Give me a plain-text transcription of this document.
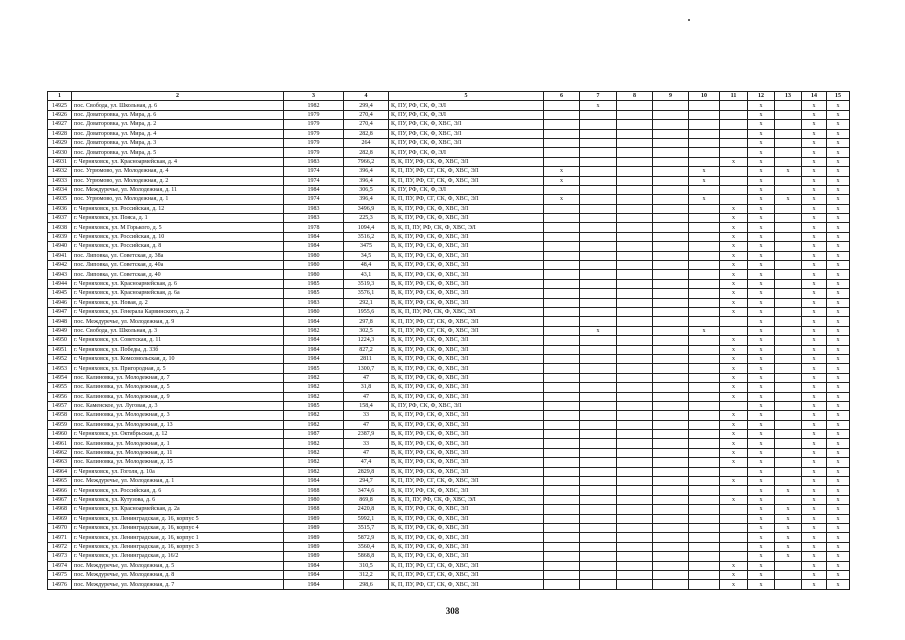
1	2	3	4	5	6	7	8	9	10	11	12	13	14	15
14925	пос. Свобода, ул. Школьная, д. 6	1982	299,4	К, ПУ, РФ, СК, Ф, ЭЛ		x					x		x	x
14926	пос. Доваторовка, ул. Мира, д. 6	1979	270,4	К, ПУ, РФ, СК, Ф, ЭЛ							x		x	x
14927	пос. Доваторовка, ул. Мира, д. 2	1979	270,4	К, ПУ, РФ, СК, Ф, ХВС, ЭЛ							x		x	x
14928	пос. Доваторовка, ул. Мира, д. 4	1979	282,8	К, ПУ, РФ, СК, Ф, ХВС, ЭЛ							x		x	x
14929	пос. Доваторовка, ул. Мира, д. 3	1979	264	К, ПУ, РФ, СК, Ф, ХВС, ЭЛ							x		x	x
14930	пос. Доваторовка, ул. Мира, д. 5	1979	282,8	К, ПУ, РФ, СК, Ф, ЭЛ							x		x	x
14931	г. Черняховск, ул. Красноармейская, д. 4	1983	7966,2	В, К, ПУ, РФ, СК, Ф, ХВС, ЭЛ						x	x		x	x
14932	пос. Угрюмово, ул. Молодежная, д. 4	1974	396,4	К, П, ПУ, РФ, СГ, СК, Ф, ХВС, ЭЛ	x				x		x	x	x	x
14933	пос. Угрюмово, ул. Молодежная, д. 2	1974	396,4	К, П, ПУ, РФ, СГ, СК, Ф, ХВС, ЭЛ	x				x		x		x	x
14934	пос. Междуречье, ул. Молодежная, д. 11	1984	306,5	К, ПУ, РФ, СК, Ф, ЭЛ							x		x	x
14935	пос. Угрюмово, ул. Молодежная, д. 1	1974	396,4	К, П, ПУ, РФ, СГ, СК, Ф, ХВС, ЭЛ	x				x		x	x	x	x
14936	г. Черняховск, ул. Российская, д. 12	1983	3496,9	В, К, ПУ, РФ, СК, Ф, ХВС, ЭЛ						x	x		x	x
14937	г. Черняховск, ул. Пояса, д. 1	1983	225,3	В, К, ПУ, РФ, СК, Ф, ХВС, ЭЛ						x	x		x	x
14938	г. Черняховск, ул. М Горького, д. 5	1978	1094,4	В, К, П, ПУ, РФ, СК, Ф, ХВС, ЭЛ						x	x		x	x
14939	г. Черняховск, ул. Российская, д. 10	1984	3516,2	В, К, ПУ, РФ, СК, Ф, ХВС, ЭЛ						x	x		x	x
14940	г. Черняховск, ул. Российская, д. 8	1984	3475	В, К, ПУ, РФ, СК, Ф, ХВС, ЭЛ						x	x		x	x
14941	пос. Липовка, ул. Советская, д. 38а	1980	34,5	В, К, ПУ, РФ, СК, Ф, ХВС, ЭЛ						x	x		x	x
14942	пос. Липовка, ул. Советская, д. 40а	1980	48,4	В, К, ПУ, РФ, СК, Ф, ХВС, ЭЛ						x	x		x	x
14943	пос. Липовка, ул. Советская, д. 40	1980	43,1	В, К, ПУ, РФ, СК, Ф, ХВС, ЭЛ						x	x		x	x
14944	г. Черняховск, ул. Красноармейская, д. 6	1985	3519,3	В, К, ПУ, РФ, СК, Ф, ХВС, ЭЛ						x	x		x	x
14945	г. Черняховск, ул. Красноармейская, д. 6а	1985	3576,1	В, К, ПУ, РФ, СК, Ф, ХВС, ЭЛ						x	x		x	x
14946	г. Черняховск, ул. Новая, д. 2	1983	292,1	В, К, ПУ, РФ, СК, Ф, ХВС, ЭЛ						x	x		x	x
14947	г. Черняховск, ул. Генерала Карвинского, д. 2	1980	1955,6	В, К, П, ПУ, РФ, СК, Ф, ХВС, ЭЛ						x	x		x	x
14948	пос. Междуречье, ул. Молодежная, д. 9	1984	297,8	К, П, ПУ, РФ, СГ, СК, Ф, ХВС, ЭЛ							x		x	x
14949	пос. Свобода, ул. Школьная, д. 3	1982	302,5	К, П, ПУ, РФ, СГ, СК, Ф, ХВС, ЭЛ		x			x		x		x	x
14950	г. Черняховск, ул. Советская, д. 11	1984	1224,3	В, К, ПУ, РФ, СК, Ф, ХВС, ЭЛ						x	x		x	x
14951	г. Черняховск, ул. Победы, д. 33б	1984	827,2	В, К, ПУ, РФ, СК, Ф, ХВС, ЭЛ						x	x		x	x
14952	г. Черняховск, ул. Комсомольская, д. 10	1984	2811	В, К, ПУ, РФ, СК, Ф, ХВС, ЭЛ						x	x		x	x
14953	г. Черняховск, ул. Пригородная, д. 5	1985	1300,7	В, К, ПУ, РФ, СК, Ф, ХВС, ЭЛ						x	x		x	x
14954	пос. Калиновка, ул. Молодежная, д. 7	1982	47	В, К, ПУ, РФ, СК, Ф, ХВС, ЭЛ						x	x		x	x
14955	пос. Калиновка, ул. Молодежная, д. 5	1982	31,8	В, К, ПУ, РФ, СК, Ф, ХВС, ЭЛ						x	x		x	x
14956	пос. Калиновка, ул. Молодежная, д. 9	1982	47	В, К, ПУ, РФ, СК, Ф, ХВС, ЭЛ						x	x		x	x
14957	пос. Каменское, ул. Луговая, д. 3	1985	158,4	К, ПУ, РФ, СК, Ф, ХВС, ЭЛ							x		x	x
14958	пос. Калиновка, ул. Молодежная, д. 3	1982	33	В, К, ПУ, РФ, СК, Ф, ХВС, ЭЛ						x	x		x	x
14959	пос. Калиновка, ул. Молодежная, д. 13	1982	47	В, К, ПУ, РФ, СК, Ф, ХВС, ЭЛ						x	x		x	x
14960	г. Черняховск, ул. Октябрьская, д. 12	1987	2387,9	В, К, ПУ, РФ, СК, Ф, ХВС, ЭЛ						x	x		x	x
14961	пос. Калиновка, ул. Молодежная, д. 1	1982	33	В, К, ПУ, РФ, СК, Ф, ХВС, ЭЛ						x	x		x	x
14962	пос. Калиновка, ул. Молодежная, д. 11	1982	47	В, К, ПУ, РФ, СК, Ф, ХВС, ЭЛ						x	x		x	x
14963	пос. Калиновка, ул. Молодежная, д. 15	1982	47,4	В, К, ПУ, РФ, СК, Ф, ХВС, ЭЛ						x	x		x	x
14964	г. Черняховск, ул. Гоголя, д. 10а	1982	2829,8	В, К, ПУ, РФ, СК, Ф, ХВС, ЭЛ							x		x	x
14965	пос. Междуречье, ул. Молодежная, д. 1	1984	294,7	К, П, ПУ, РФ, СГ, СК, Ф, ХВС, ЭЛ						x	x		x	x
14966	г. Черняховск, ул. Российская, д. 6	1988	3474,6	В, К, ПУ, РФ, СК, Ф, ХВС, ЭЛ							x	x	x	x
14967	г. Черняховск, ул. Кутузова, д. 6	1980	869,8	В, К, П, ПУ, РФ, СК, Ф, ХВС, ЭЛ						x	x		x	x
14968	г. Черняховск, ул. Красноармейская, д. 2а	1988	2420,8	В, К, ПУ, РФ, СК, Ф, ХВС, ЭЛ							x	x	x	x
14969	г. Черняховск, ул. Ленинградская, д. 16, корпус 5	1989	5992,1	В, К, ПУ, РФ, СК, Ф, ХВС, ЭЛ							x	x	x	x
14970	г. Черняховск, ул. Ленинградская, д. 16, корпус 4	1989	3515,7	В, К, ПУ, РФ, СК, Ф, ХВС, ЭЛ							x	x	x	x
14971	г. Черняховск, ул. Ленинградская, д. 16, корпус 1	1989	5872,9	В, К, ПУ, РФ, СК, Ф, ХВС, ЭЛ							x	x	x	x
14972	г. Черняховск, ул. Ленинградская, д. 16, корпус 3	1989	3560,4	В, К, ПУ, РФ, СК, Ф, ХВС, ЭЛ							x	x	x	x
14973	г. Черняховск, ул. Ленинградская, д. 16/2	1989	5868,8	В, К, ПУ, РФ, СК, Ф, ХВС, ЭЛ							x	x	x	x
14974	пос. Междуречье, ул. Молодежная, д. 5	1984	310,5	К, П, ПУ, РФ, СГ, СК, Ф, ХВС, ЭЛ						x	x		x	x
14975	пос. Междуречье, ул. Молодежная, д. 8	1984	312,2	К, П, ПУ, РФ, СГ, СК, Ф, ХВС, ЭЛ						x	x		x	x
14976	пос. Междуречье, ул. Молодежная, д. 7	1984	298,6	К, П, ПУ, РФ, СГ, СК, Ф, ХВС, ЭЛ						x	x		x	x
308
